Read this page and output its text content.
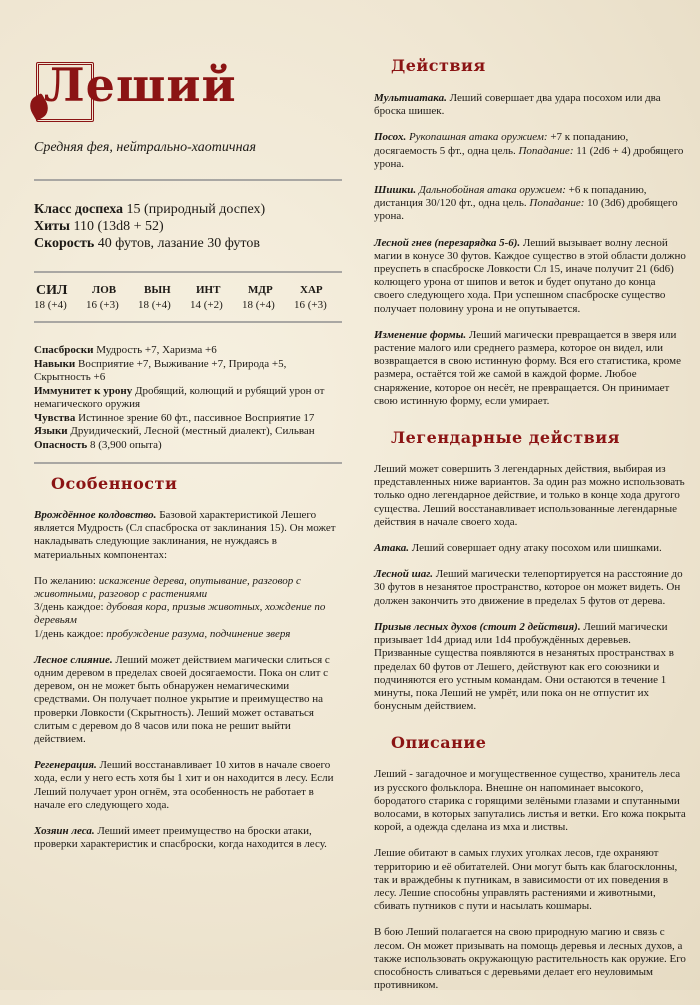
Леший
Средняя фея, нейтрально-хаотичная
Класс доспеха 15 (природный доспех)
Хиты 110 (13d8 + 52)
Скорость 40 футов, лазание 30 футов
СИЛ
18 (+4)
ЛОВ
16 (+3)
ВЫН
18 (+4)
ИНТ
14 (+2)
МДР
18 (+4)
ХАР
16 (+3)
Спасброски Мудрость +7, Харизма +6
Навыки Восприятие +7, Выживание +7, Природа +5, Скрытность +6
Иммунитет к урону Дробящий, колющий и рубящий урон от немагического оружия
Чувства Истинное зрение 60 фт., пассивное Восприятие 17
Языки Друидический, Лесной (местный диалект), Сильван
Опасность 8 (3,900 опыта)
Особенности
Врождённое колдовство. Базовой характеристикой Лешего является Мудрость (Сл спасброска от заклинания 15). Он может накладывать следующие заклинания, не нуждаясь в материальных компонентах:
По желанию: искажение дерева, опутывание, разговор с животными, разговор с растениями
3/день каждое: дубовая кора, призыв животных, хождение по деревьям
1/день каждое: пробуждение разума, подчинение зверя
Лесное слияние. Леший может действием магически слиться с одним деревом в пределах своей досягаемости. Пока он слит с деревом, он не может быть обнаружен немагическими средствами. Он получает полное укрытие и преимущество на проверки Ловкости (Скрытность). Леший может оставаться слитым с деревом до 8 часов или пока не решит выйти действием.
Регенерация. Леший восстанавливает 10 хитов в начале своего хода, если у него есть хотя бы 1 хит и он находится в лесу. Если Леший получает урон огнём, эта особенность не работает в начале его следующего хода.
Хозяин леса. Леший имеет преимущество на броски атаки, проверки характеристик и спасброски, когда находится в лесу.
Действия
Мультиатака. Леший совершает два удара посохом или два броска шишек.
Посох. Рукопашная атака оружием: +7 к попаданию, досягаемость 5 фт., одна цель. Попадание: 11 (2d6 + 4) дробящего урона.
Шишки. Дальнобойная атака оружием: +6 к попаданию, дистанция 30/120 фт., одна цель. Попадание: 10 (3d6) дробящего урона.
Лесной гнев (перезарядка 5-6). Леший вызывает волну лесной магии в конусе 30 футов. Каждое существо в этой области должно преуспеть в спасброске Ловкости Сл 15, иначе получит 21 (6d6) колющего урона от шипов и веток и будет опутано до конца своего следующего хода. При успешном спасброске существо получает половину урона и не опутывается.
Изменение формы. Леший магически превращается в зверя или растение малого или среднего размера, которое он видел, или возвращается в свою истинную форму. Вся его статистика, кроме размера, остаётся той же самой в каждой форме. Любое снаряжение, которое он несёт, не превращается. Он принимает свою истинную форму, если умирает.
Легендарные действия
Леший может совершить 3 легендарных действия, выбирая из представленных ниже вариантов. За один раз можно использовать только одно легендарное действие, и только в конце хода другого существа. Леший восстанавливает использованные легендарные действия в начале своего хода.
Атака. Леший совершает одну атаку посохом или шишками.
Лесной шаг. Леший магически телепортируется на расстояние до 30 футов в незанятое пространство, которое он может видеть. Он должен закончить это движение в пределах 5 футов от дерева.
Призыв лесных духов (стоит 2 действия). Леший магически призывает 1d4 дриад или 1d4 пробуждённых деревьев. Призванные существа появляются в незанятых пространствах в пределах 60 футов от Лешего, действуют как его союзники и подчиняются его устным командам. Они остаются в течение 1 минуты, пока Леший не умрёт, или пока он не отпустит их бонусным действием.
Описание
Леший - загадочное и могущественное существо, хранитель леса из русского фольклора. Внешне он напоминает высокого, бородатого старика с горящими зелёными глазами и спутанными волосами, в которых запутались листья и ветки. Его кожа покрыта корой, а одежда сделана из мха и листвы.
Лешие обитают в самых глухих уголках лесов, где охраняют территорию и её обитателей. Они могут быть как благосклонны, так и враждебны к путникам, в зависимости от их поведения в лесу. Лешие способны управлять растениями и животными, сбивать путников с пути и насылать кошмары.
В бою Леший полагается на свою природную магию и связь с лесом. Он может призывать на помощь деревья и лесных духов, а также использовать окружающую растительность как оружие. Его способность сливаться с деревьями делает его неуловимым противником.
